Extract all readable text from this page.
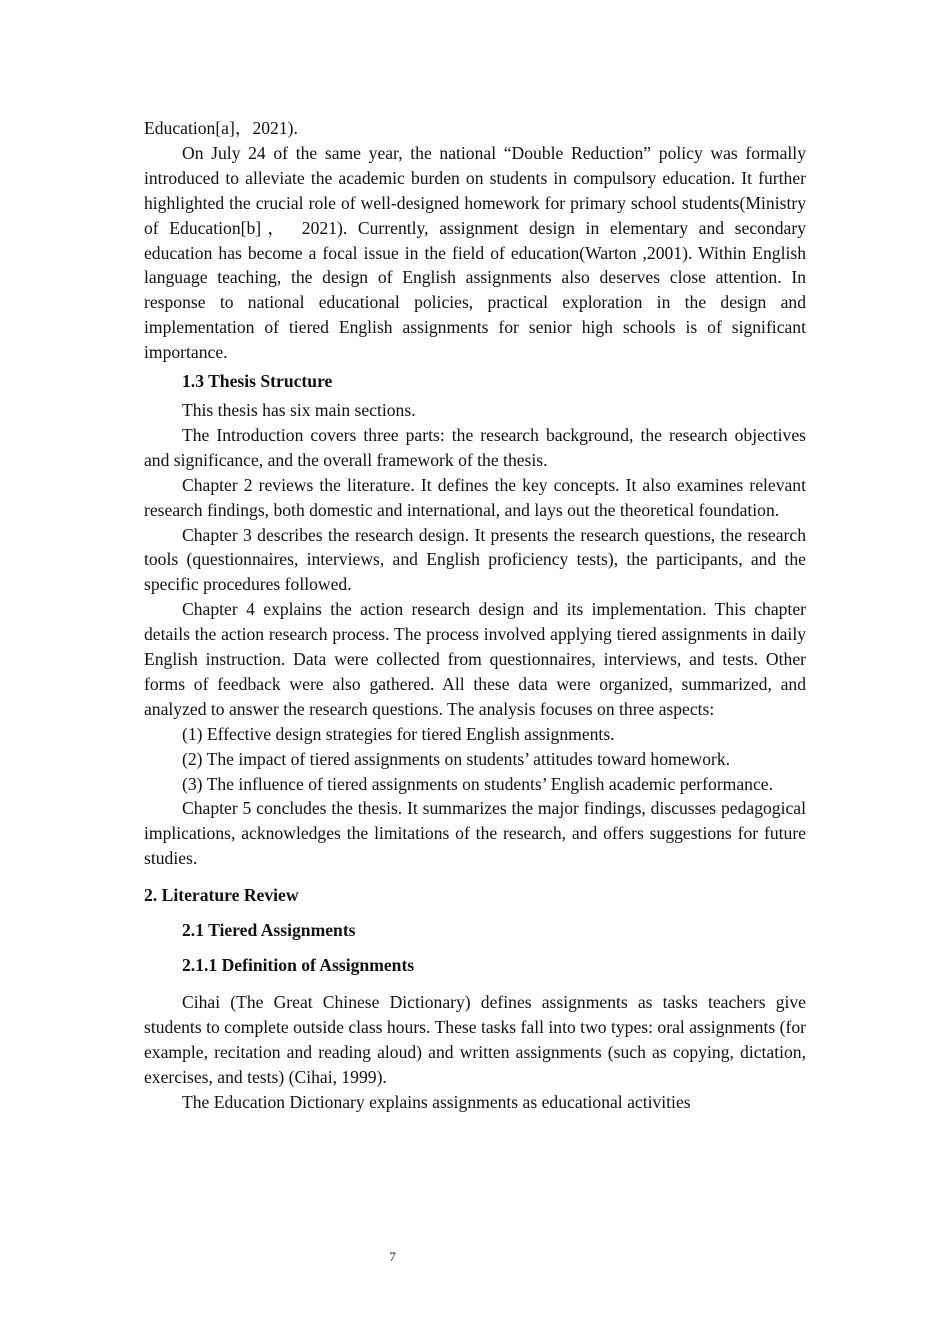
Education[a]，2021).

On July 24 of the same year, the national “Double Reduction” policy was formally introduced to alleviate the academic burden on students in compulsory education. It further highlighted the crucial role of well-designed homework for primary school students(Ministry of Education[b]， 2021). Currently, assignment design in elementary and secondary education has become a focal issue in the field of education(Warton ,2001). Within English language teaching, the design of English assignments also deserves close attention. In response to national educational policies, practical exploration in the design and implementation of tiered English assignments for senior high schools is of significant importance.

1.3 Thesis Structure

This thesis has six main sections.

The Introduction covers three parts: the research background, the research objectives and significance, and the overall framework of the thesis.

Chapter 2 reviews the literature. It defines the key concepts. It also examines relevant research findings, both domestic and international, and lays out the theoretical foundation.

Chapter 3 describes the research design. It presents the research questions, the research tools (questionnaires, interviews, and English proficiency tests), the participants, and the specific procedures followed.

Chapter 4 explains the action research design and its implementation. This chapter details the action research process. The process involved applying tiered assignments in daily English instruction. Data were collected from questionnaires, interviews, and tests. Other forms of feedback were also gathered. All these data were organized, summarized, and analyzed to answer the research questions. The analysis focuses on three aspects:

(1) Effective design strategies for tiered English assignments.

(2) The impact of tiered assignments on students’ attitudes toward homework.

(3) The influence of tiered assignments on students’ English academic performance.

Chapter 5 concludes the thesis. It summarizes the major findings, discusses pedagogical implications, acknowledges the limitations of the research, and offers suggestions for future studies.

2. Literature Review
2.1 Tiered Assignments
2.1.1 Definition of Assignments

Cihai (The Great Chinese Dictionary) defines assignments as tasks teachers give students to complete outside class hours. These tasks fall into two types: oral assignments (for example, recitation and reading aloud) and written assignments (such as copying, dictation, exercises, and tests) (Cihai, 1999).

The Education Dictionary explains assignments as educational activities

7
